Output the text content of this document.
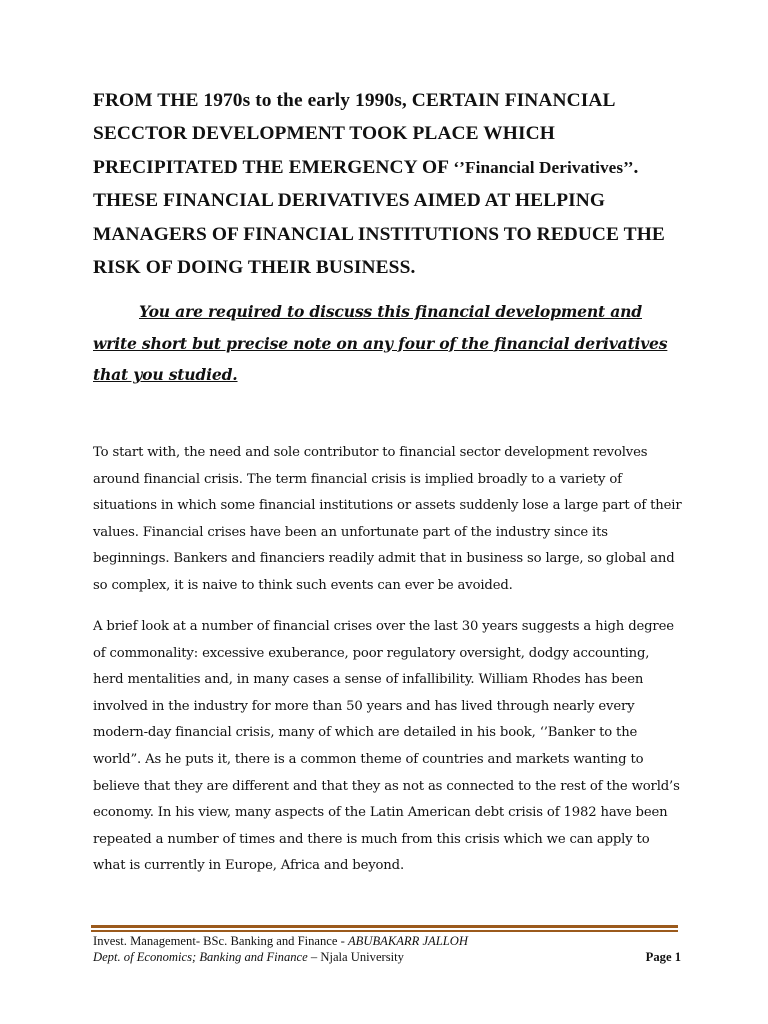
FROM THE 1970s to the early 1990s, CERTAIN FINANCIAL SECCTOR DEVELOPMENT TOOK PLACE WHICH PRECIPITATED THE EMERGENCY OF ‘’Financial Derivatives’’. THESE FINANCIAL DERIVATIVES AIMED AT HELPING MANAGERS OF FINANCIAL INSTITUTIONS TO REDUCE THE RISK OF DOING THEIR BUSINESS.
You are required to discuss this financial development and write short but precise note on any four of the financial derivatives that you studied.

To start with, the need and sole contributor to financial sector development revolves around financial crisis. The term financial crisis is implied broadly to a variety of situations in which some financial institutions or assets suddenly lose a large part of their values. Financial crises have been an unfortunate part of the industry since its beginnings. Bankers and financiers readily admit that in business so large, so global and so complex, it is naive to think such events can ever be avoided.

A brief look at a number of financial crises over the last 30 years suggests a high degree of commonality: excessive exuberance, poor regulatory oversight, dodgy accounting, herd mentalities and, in many cases a sense of infallibility. William Rhodes has been involved in the industry for more than 50 years and has lived through nearly every modern-day financial crisis, many of which are detailed in his book, ‘’Banker to the world”. As he puts it, there is a common theme of countries and markets wanting to believe that they are different and that they as not as connected to the rest of the world’s economy. In his view, many aspects of the Latin American debt crisis of 1982 have been repeated a number of times and there is much from this crisis which we can apply to what is currently in Europe, Africa and beyond.

Invest. Management- BSc. Banking and Finance - ABUBAKARR JALLOH
Dept. of Economics; Banking and Finance – Njala University	Page 1
